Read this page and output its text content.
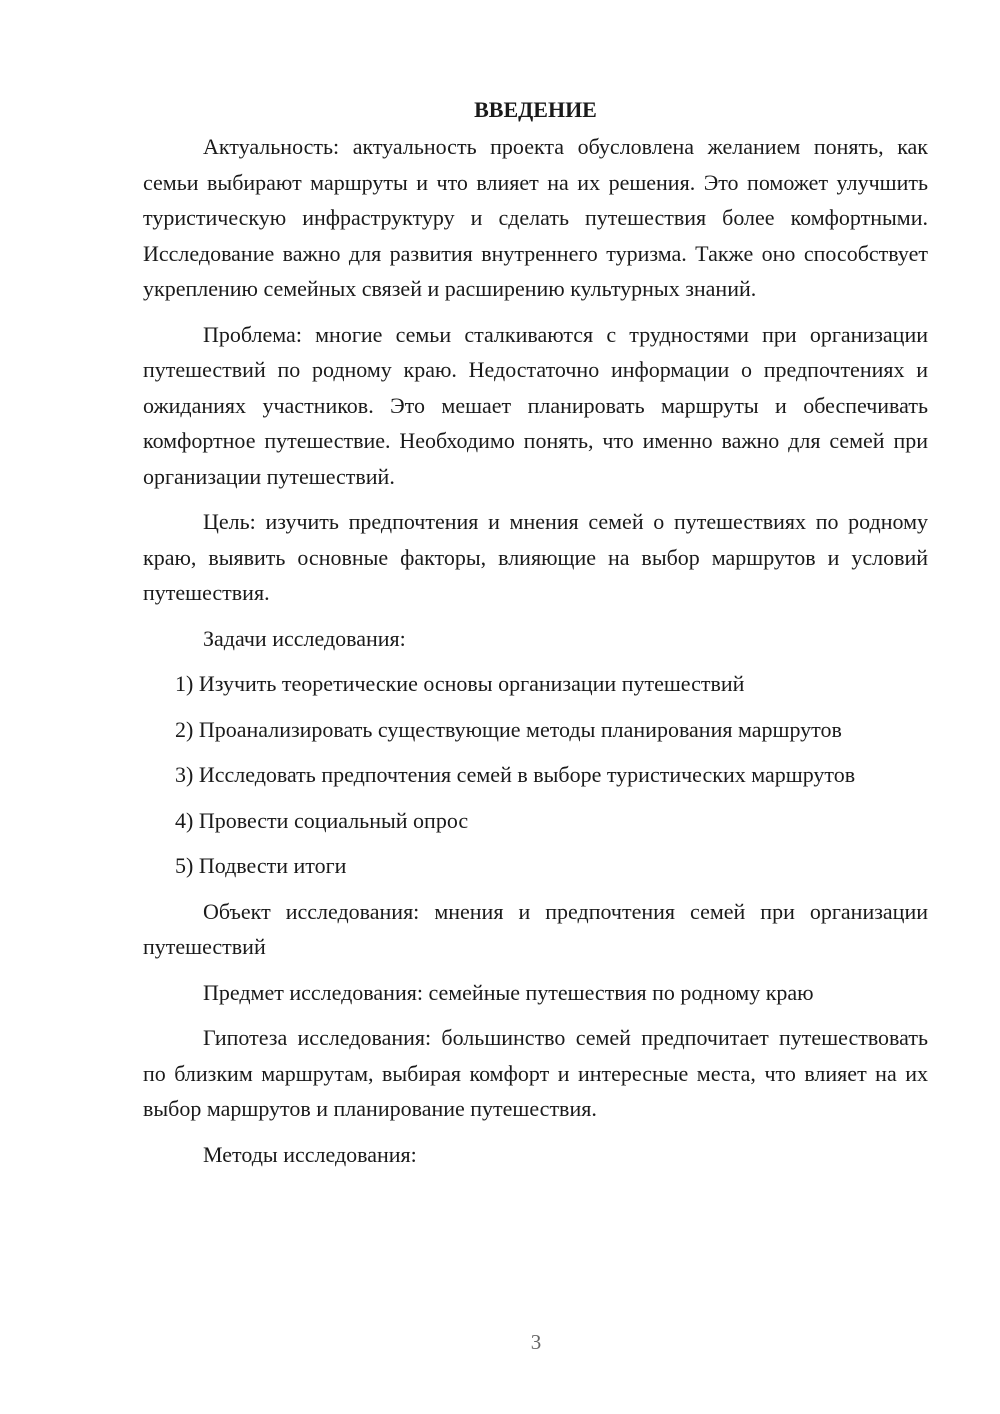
ВВЕДЕНИЕ

Актуальность: актуальность проекта обусловлена желанием понять, как семьи выбирают маршруты и что влияет на их решения. Это поможет улучшить туристическую инфраструктуру и сделать путешествия более комфортными. Исследование важно для развития внутреннего туризма. Также оно способствует укреплению семейных связей и расширению культурных знаний.

Проблема: многие семьи сталкиваются с трудностями при организации путешествий по родному краю. Недостаточно информации о предпочтениях и ожиданиях участников. Это мешает планировать маршруты и обеспечивать комфортное путешествие. Необходимо понять, что именно важно для семей при организации путешествий.

Цель: изучить предпочтения и мнения семей о путешествиях по родному краю, выявить основные факторы, влияющие на выбор маршрутов и условий путешествия.

Задачи исследования:

1) Изучить теоретические основы организации путешествий

2) Проанализировать существующие методы планирования маршрутов

3) Исследовать предпочтения семей в выборе туристических маршрутов

4) Провести социальный опрос

5) Подвести итоги

Объект исследования: мнения и предпочтения семей при организации путешествий

Предмет исследования: семейные путешествия по родному краю

Гипотеза исследования: большинство семей предпочитает путешествовать по близким маршрутам, выбирая комфорт и интересные места, что влияет на их выбор маршрутов и планирование путешествия.

Методы исследования:

3
